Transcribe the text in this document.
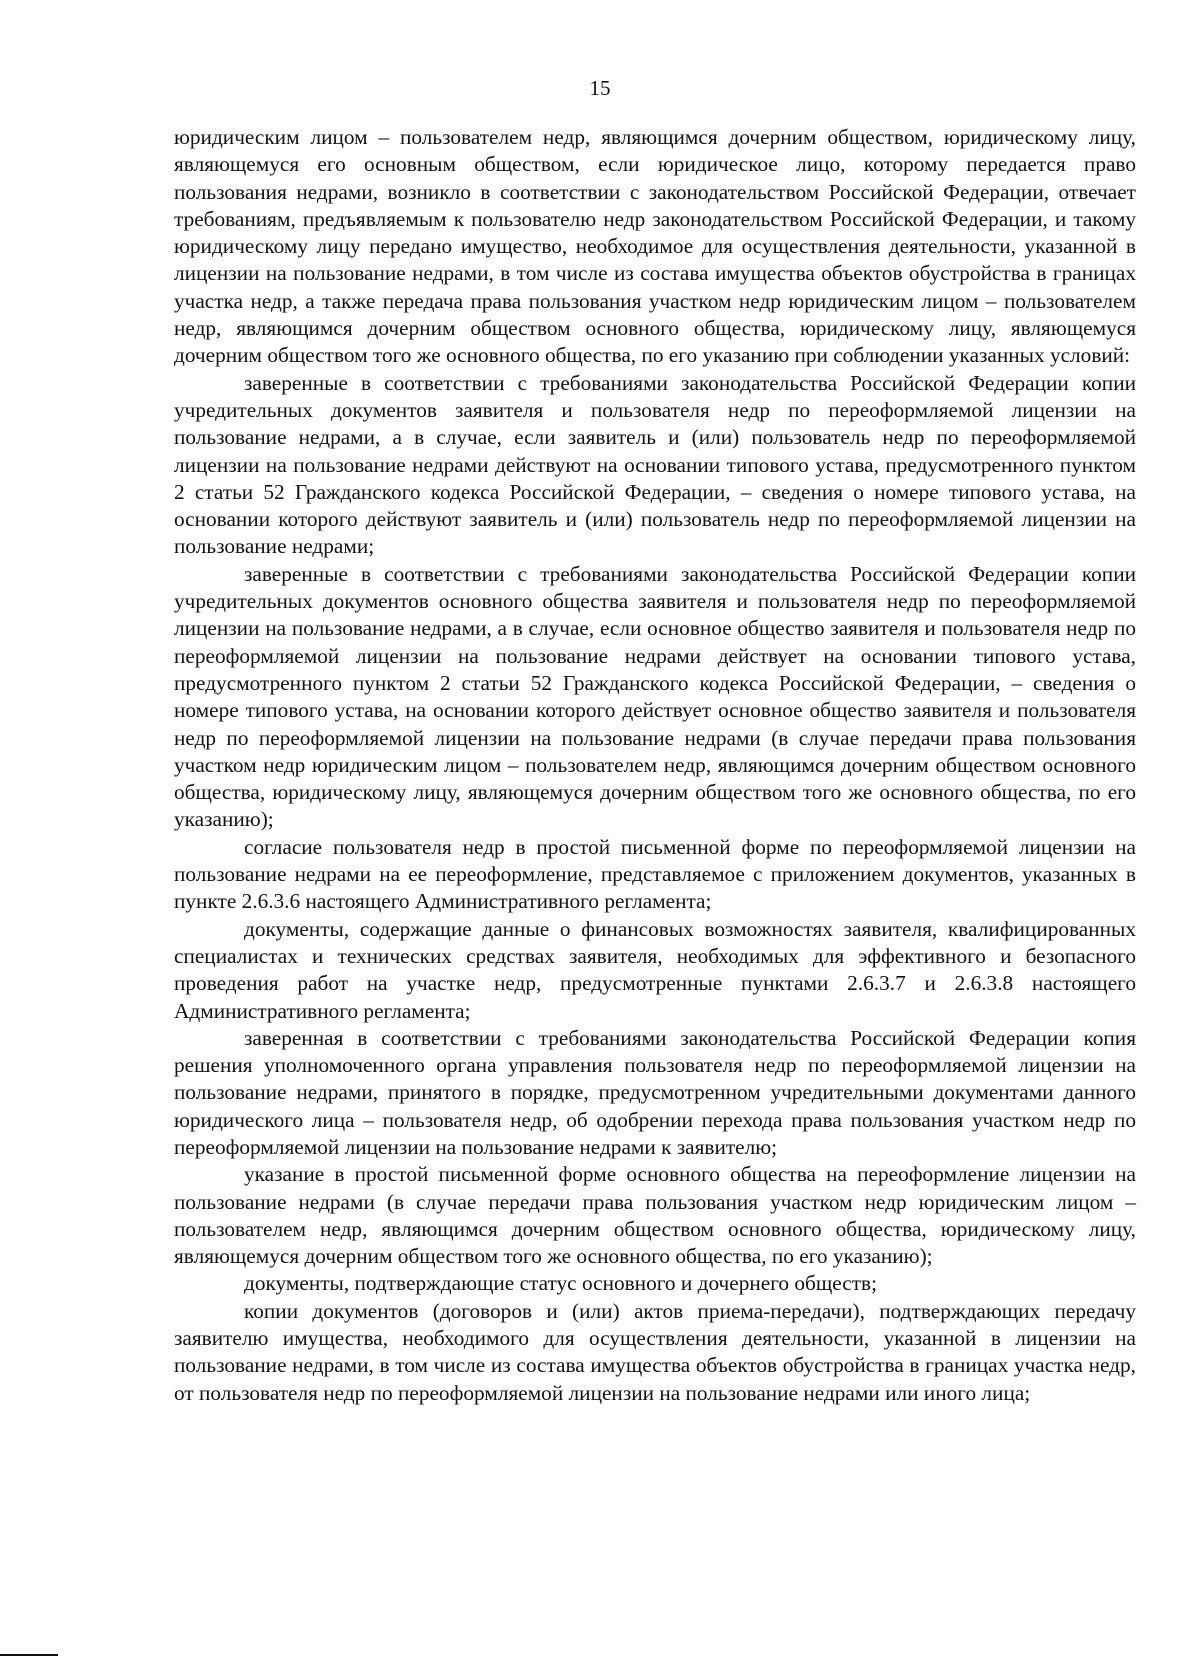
15

юридическим лицом – пользователем недр, являющимся дочерним обществом, юридическому лицу, являющемуся его основным обществом, если юридическое лицо, которому передается право пользования недрами, возникло в соответствии с законодательством Российской Федерации, отвечает требованиям, предъявляемым к пользователю недр законодательством Российской Федерации, и такому юридическому лицу передано имущество, необходимое для осуществления деятельности, указанной в лицензии на пользование недрами, в том числе из состава имущества объектов обустройства в границах участка недр, а также передача права пользования участком недр юридическим лицом – пользователем недр, являющимся дочерним обществом основного общества, юридическому лицу, являющемуся дочерним обществом того же основного общества, по его указанию при соблюдении указанных условий:

заверенные в соответствии с требованиями законодательства Российской Федерации копии учредительных документов заявителя и пользователя недр по переоформляемой лицензии на пользование недрами, а в случае, если заявитель и (или) пользователь недр по переоформляемой лицензии на пользование недрами действуют на основании типового устава, предусмотренного пунктом 2 статьи 52 Гражданского кодекса Российской Федерации, – сведения о номере типового устава, на основании которого действуют заявитель и (или) пользователь недр по переоформляемой лицензии на пользование недрами;

заверенные в соответствии с требованиями законодательства Российской Федерации копии учредительных документов основного общества заявителя и пользователя недр по переоформляемой лицензии на пользование недрами, а в случае, если основное общество заявителя и пользователя недр по переоформляемой лицензии на пользование недрами действует на основании типового устава, предусмотренного пунктом 2 статьи 52 Гражданского кодекса Российской Федерации, – сведения о номере типового устава, на основании которого действует основное общество заявителя и пользователя недр по переоформляемой лицензии на пользование недрами (в случае передачи права пользования участком недр юридическим лицом – пользователем недр, являющимся дочерним обществом основного общества, юридическому лицу, являющемуся дочерним обществом того же основного общества, по его указанию);

согласие пользователя недр в простой письменной форме по переоформляемой лицензии на пользование недрами на ее переоформление, представляемое с приложением документов, указанных в пункте 2.6.3.6 настоящего Административного регламента;

документы, содержащие данные о финансовых возможностях заявителя, квалифицированных специалистах и технических средствах заявителя, необходимых для эффективного и безопасного проведения работ на участке недр, предусмотренные пунктами 2.6.3.7 и 2.6.3.8 настоящего Административного регламента;

заверенная в соответствии с требованиями законодательства Российской Федерации копия решения уполномоченного органа управления пользователя недр по переоформляемой лицензии на пользование недрами, принятого в порядке, предусмотренном учредительными документами данного юридического лица – пользователя недр, об одобрении перехода права пользования участком недр по переоформляемой лицензии на пользование недрами к заявителю;

указание в простой письменной форме основного общества на переоформление лицензии на пользование недрами (в случае передачи права пользования участком недр юридическим лицом – пользователем недр, являющимся дочерним обществом основного общества, юридическому лицу, являющемуся дочерним обществом того же основного общества, по его указанию);

документы, подтверждающие статус основного и дочернего обществ;

копии документов (договоров и (или) актов приема-передачи), подтверждающих передачу заявителю имущества, необходимого для осуществления деятельности, указанной в лицензии на пользование недрами, в том числе из состава имущества объектов обустройства в границах участка недр, от пользователя недр по переоформляемой лицензии на пользование недрами или иного лица;
